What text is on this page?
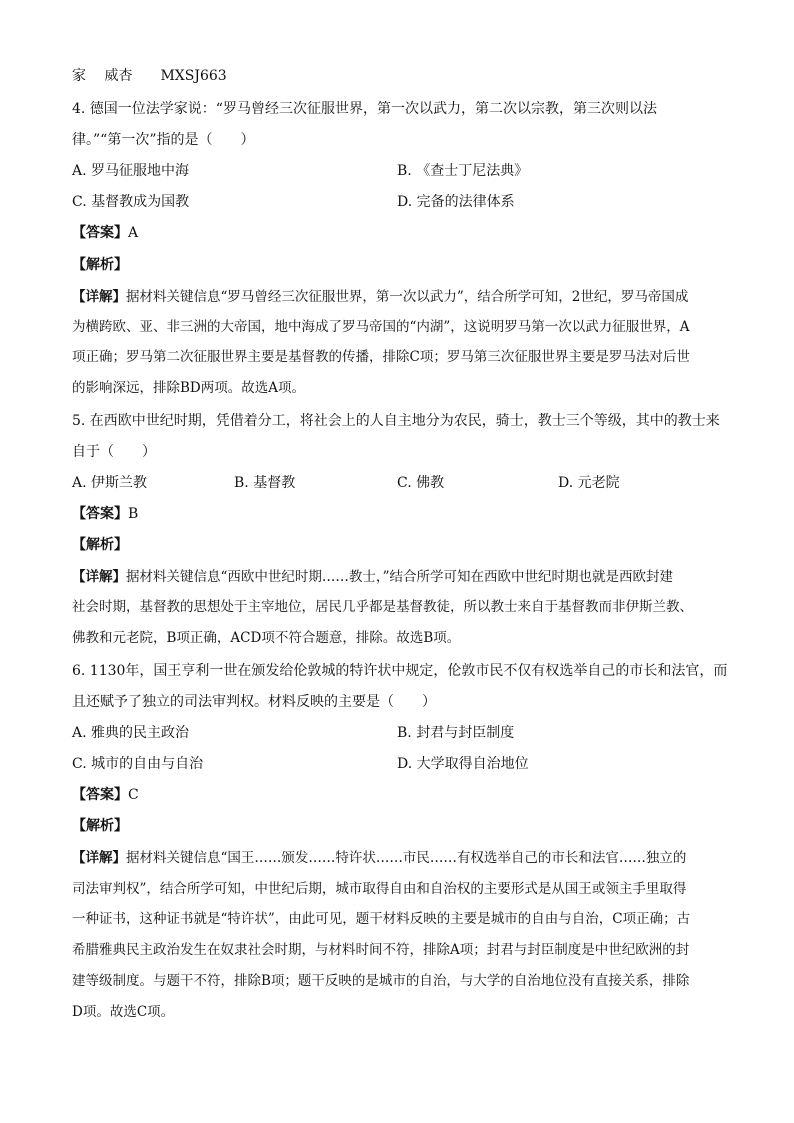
家　 威杏　　MXSJ663
4. 德国一位法学家说：“罗马曾经三次征服世界，第一次以武力，第二次以宗教，第三次则以法
律。”“第一次”指的是（　　）
A. 罗马征服地中海	B. 《查士丁尼法典》
C. 基督教成为国教	D. 完备的法律体系
【答案】A
【解析】
【详解】据材料关键信息“罗马曾经三次征服世界，第一次以武力”，结合所学可知，2世纪，罗马帝国成
为横跨欧、亚、非三洲的大帝国，地中海成了罗马帝国的“内湖”，这说明罗马第一次以武力征服世界，A
项正确；罗马第二次征服世界主要是基督教的传播，排除C项；罗马第三次征服世界主要是罗马法对后世
的影响深远，排除BD两项。故选A项。
5. 在西欧中世纪时期，凭借着分工，将社会上的人自主地分为农民，骑士，教士三个等级，其中的教士来
自于（　　）
A. 伊斯兰教	B. 基督教	C. 佛教	D. 元老院
【答案】B
【解析】
【详解】据材料关键信息“西欧中世纪时期……教士，”结合所学可知在西欧中世纪时期也就是西欧封建
社会时期，基督教的思想处于主宰地位，居民几乎都是基督教徒，所以教士来自于基督教而非伊斯兰教、
佛教和元老院，B项正确，ACD项不符合题意，排除。故选B项。
6. 1130年，国王亨利一世在颁发给伦敦城的特许状中规定，伦敦市民不仅有权选举自己的市长和法官，而
且还赋予了独立的司法审判权。材料反映的主要是（　　）
A. 雅典的民主政治	B. 封君与封臣制度
C. 城市的自由与自治	D. 大学取得自治地位
【答案】C
【解析】
【详解】据材料关键信息“国王……颁发……特许状……市民……有权选举自己的市长和法官……独立的
司法审判权”，结合所学可知，中世纪后期，城市取得自由和自治权的主要形式是从国王或领主手里取得
一种证书，这种证书就是“特许状”，由此可见，题干材料反映的主要是城市的自由与自治，C项正确；古
希腊雅典民主政治发生在奴隶社会时期，与材料时间不符，排除A项；封君与封臣制度是中世纪欧洲的封
建等级制度。与题干不符，排除B项；题干反映的是城市的自治，与大学的自治地位没有直接关系，排除
D项。故选C项。
